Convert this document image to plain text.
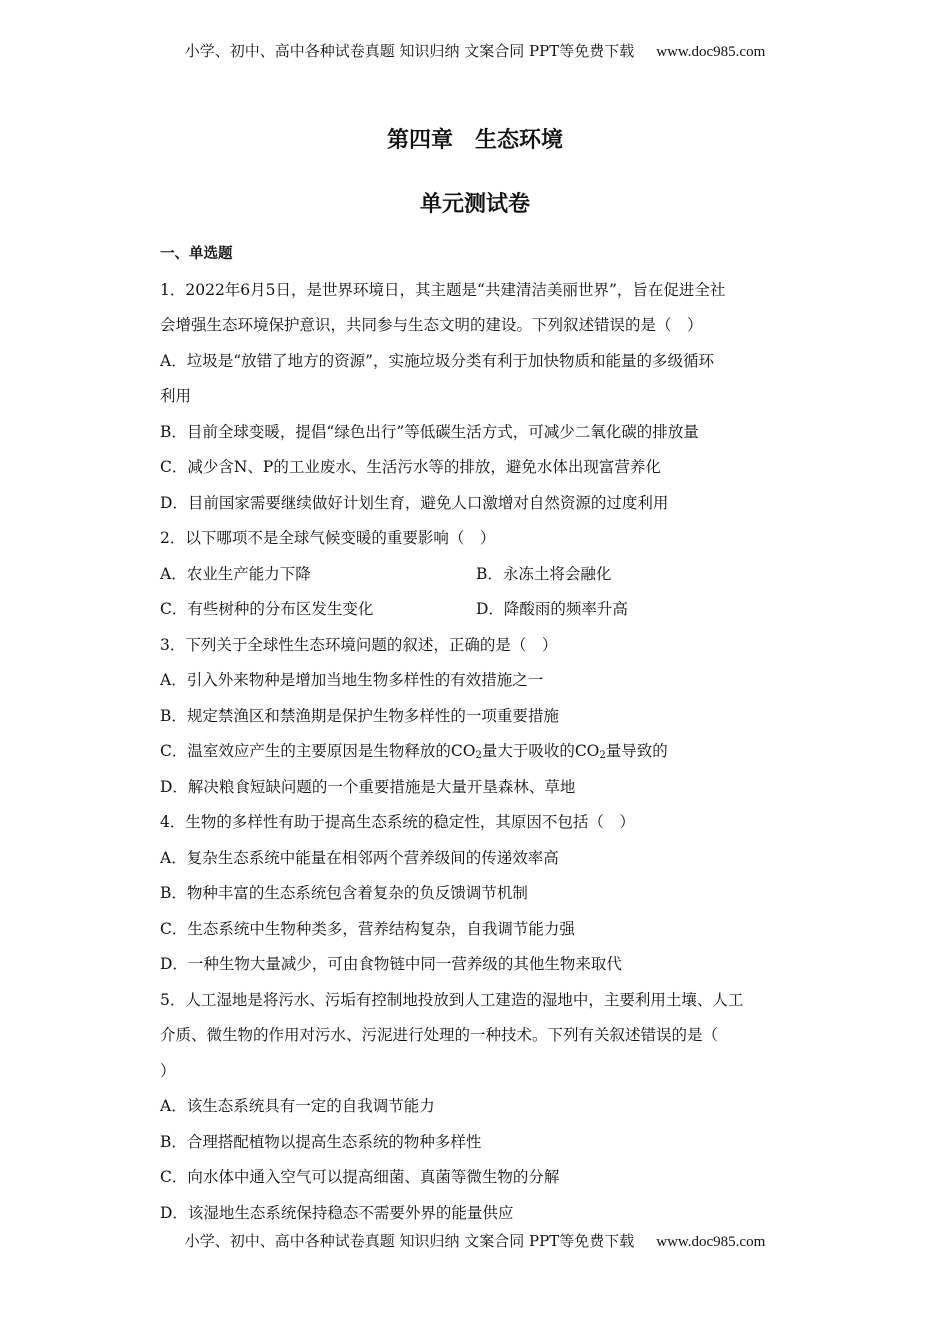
小学、初中、高中各种试卷真题 知识归纳 文案合同 PPT等免费下载 www.doc985.com
第四章　生态环境
单元测试卷
一、单选题
1．2022年6月5日，是世界环境日，其主题是“共建清洁美丽世界”，旨在促进全社
会增强生态环境保护意识，共同参与生态文明的建设。下列叙述错误的是（　）
A．垃圾是“放错了地方的资源”，实施垃圾分类有利于加快物质和能量的多级循环
利用
B．目前全球变暖，提倡“绿色出行”等低碳生活方式，可减少二氧化碳的排放量
C．减少含N、P的工业废水、生活污水等的排放，避免水体出现富营养化
D．目前国家需要继续做好计划生育，避免人口激增对自然资源的过度利用
2．以下哪项不是全球气候变暖的重要影响（　）
A．农业生产能力下降	B．永冻土将会融化
C．有些树种的分布区发生变化	D．降酸雨的频率升高
3．下列关于全球性生态环境问题的叙述，正确的是（　）
A．引入外来物种是增加当地生物多样性的有效措施之一
B．规定禁渔区和禁渔期是保护生物多样性的一项重要措施
C．温室效应产生的主要原因是生物释放的$CO_2$量大于吸收的$CO_2$量导致的
D．解决粮食短缺问题的一个重要措施是大量开垦森林、草地
4．生物的多样性有助于提高生态系统的稳定性，其原因不包括（　）
A．复杂生态系统中能量在相邻两个营养级间的传递效率高
B．物种丰富的生态系统包含着复杂的负反馈调节机制
C．生态系统中生物种类多，营养结构复杂，自我调节能力强
D．一种生物大量减少，可由食物链中同一营养级的其他生物来取代
5．人工湿地是将污水、污垢有控制地投放到人工建造的湿地中，主要利用土壤、人工
介质、微生物的作用对污水、污泥进行处理的一种技术。下列有关叙述错误的是（
）
A．该生态系统具有一定的自我调节能力
B．合理搭配植物以提高生态系统的物种多样性
C．向水体中通入空气可以提高细菌、真菌等微生物的分解
D．该湿地生态系统保持稳态不需要外界的能量供应
小学、初中、高中各种试卷真题 知识归纳 文案合同 PPT等免费下载 www.doc985.com
